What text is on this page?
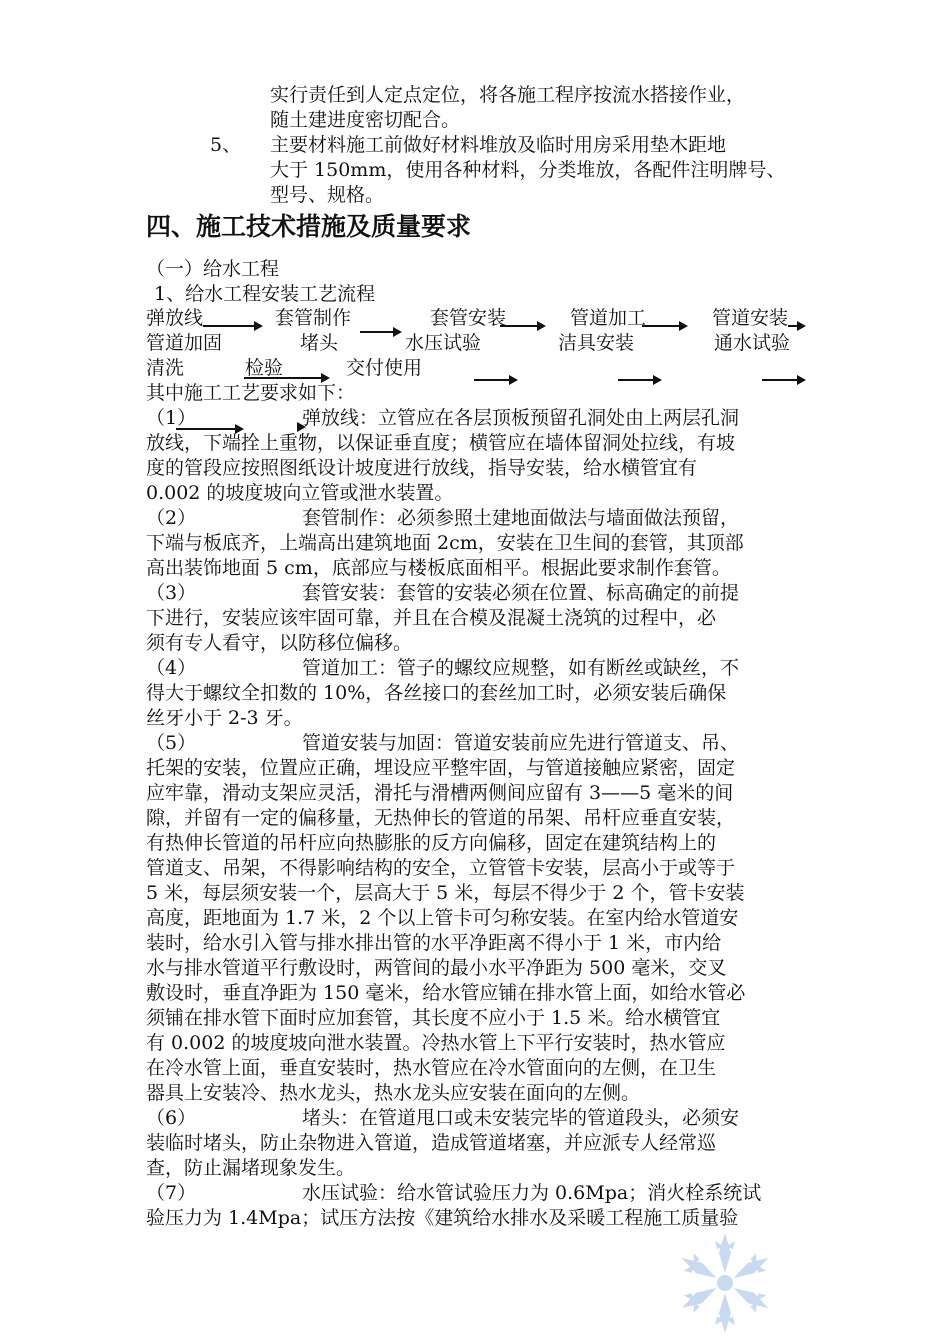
实行责任到人定点定位，将各施工程序按流水搭接作业，
随土建进度密切配合。
5、 主要材料施工前做好材料堆放及临时用房采用垫木距地
大于 150mm，使用各种材料，分类堆放，各配件注明牌号、
型号、规格。
四、施工技术措施及质量要求
（一）给水工程
1、给水工程安装工艺流程
弹放线	套管制作	套管安装	管道加工	管道安装
管道加固	堵头	水压试验	洁具安装	通水试验
清洗	检验	交付使用
其中施工工艺要求如下：
（1）	弹放线：立管应在各层顶板预留孔洞处由上两层孔洞
放线，下端拴上重物，以保证垂直度；横管应在墙体留洞处拉线，有坡
度的管段应按照图纸设计坡度进行放线，指导安装，给水横管宜有
0.002 的坡度坡向立管或泄水装置。
（2）	套管制作：必须参照土建地面做法与墙面做法预留，
下端与板底齐，上端高出建筑地面 2cm，安装在卫生间的套管，其顶部
高出装饰地面 5 cm，底部应与楼板底面相平。根据此要求制作套管。
（3）	套管安装：套管的安装必须在位置、标高确定的前提
下进行，安装应该牢固可靠，并且在合模及混凝土浇筑的过程中，必
须有专人看守，以防移位偏移。
（4）	管道加工：管子的螺纹应规整，如有断丝或缺丝，不
得大于螺纹全扣数的 10%，各丝接口的套丝加工时，必须安装后确保
丝牙小于 2-3 牙。
（5）	管道安装与加固：管道安装前应先进行管道支、吊、
托架的安装，位置应正确，埋设应平整牢固，与管道接触应紧密，固定
应牢靠，滑动支架应灵活，滑托与滑槽两侧间应留有 3——5 毫米的间
隙，并留有一定的偏移量，无热伸长的管道的吊架、吊杆应垂直安装，
有热伸长管道的吊杆应向热膨胀的反方向偏移，固定在建筑结构上的
管道支、吊架，不得影响结构的安全，立管管卡安装，层高小于或等于
5 米，每层须安装一个，层高大于 5 米，每层不得少于 2 个，管卡安装
高度，距地面为 1.7 米，2 个以上管卡可匀称安装。在室内给水管道安
装时，给水引入管与排水排出管的水平净距离不得小于 1 米，市内给
水与排水管道平行敷设时，两管间的最小水平净距为 500 毫米，交叉
敷设时，垂直净距为 150 毫米，给水管应铺在排水管上面，如给水管必
须铺在排水管下面时应加套管，其长度不应小于 1.5 米。给水横管宜
有 0.002 的坡度坡向泄水装置。冷热水管上下平行安装时，热水管应
在冷水管上面，垂直安装时，热水管应在冷水管面向的左侧，在卫生
器具上安装冷、热水龙头，热水龙头应安装在面向的左侧。
（6）	堵头：在管道甩口或未安装完毕的管道段头，必须安
装临时堵头，防止杂物进入管道，造成管道堵塞，并应派专人经常巡
查，防止漏堵现象发生。
（7）	水压试验：给水管试验压力为 0.6Mpa；消火栓系统试
验压力为 1.4Mpa；试压方法按《建筑给水排水及采暖工程施工质量验
